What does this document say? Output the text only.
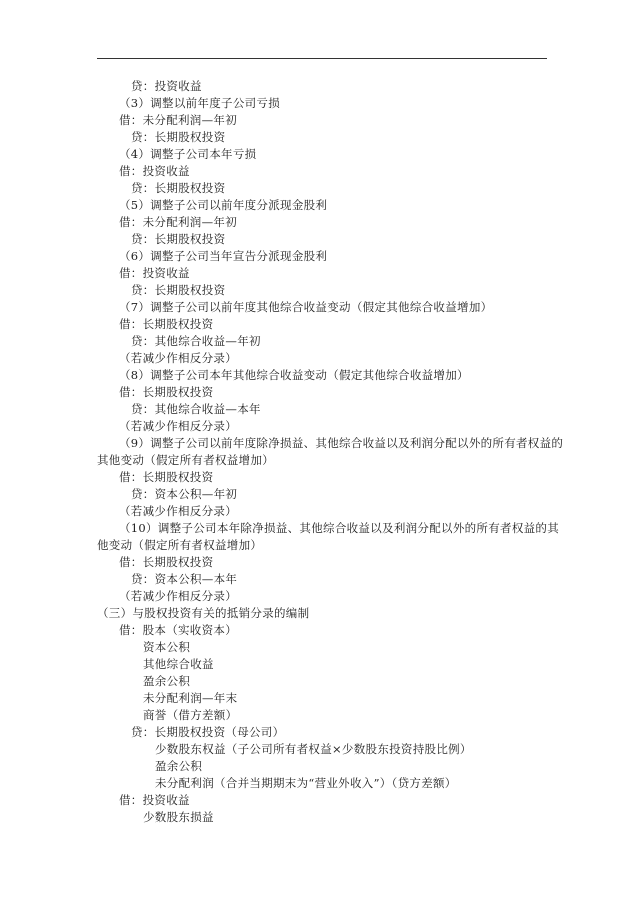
贷：投资收益
（3）调整以前年度子公司亏损
借：未分配利润—年初
贷：长期股权投资
（4）调整子公司本年亏损
借：投资收益
贷：长期股权投资
（5）调整子公司以前年度分派现金股利
借：未分配利润—年初
贷：长期股权投资
（6）调整子公司当年宣告分派现金股利
借：投资收益
贷：长期股权投资
（7）调整子公司以前年度其他综合收益变动（假定其他综合收益增加）
借：长期股权投资
贷：其他综合收益—年初
（若减少作相反分录）
（8）调整子公司本年其他综合收益变动（假定其他综合收益增加）
借：长期股权投资
贷：其他综合收益—本年
（若减少作相反分录）
（9）调整子公司以前年度除净损益、其他综合收益以及利润分配以外的所有者权益的
其他变动（假定所有者权益增加）
借：长期股权投资
贷：资本公积—年初
（若减少作相反分录）
（10）调整子公司本年除净损益、其他综合收益以及利润分配以外的所有者权益的其
他变动（假定所有者权益增加）
借：长期股权投资
贷：资本公积—本年
（若减少作相反分录）
（三）与股权投资有关的抵销分录的编制
借：股本（实收资本）
资本公积
其他综合收益
盈余公积
未分配利润—年末
商誉（借方差额）
贷：长期股权投资（母公司）
少数股东权益（子公司所有者权益×少数股东投资持股比例）
盈余公积
未分配利润（合并当期期末为“营业外收入”）（贷方差额）
借：投资收益
少数股东损益
